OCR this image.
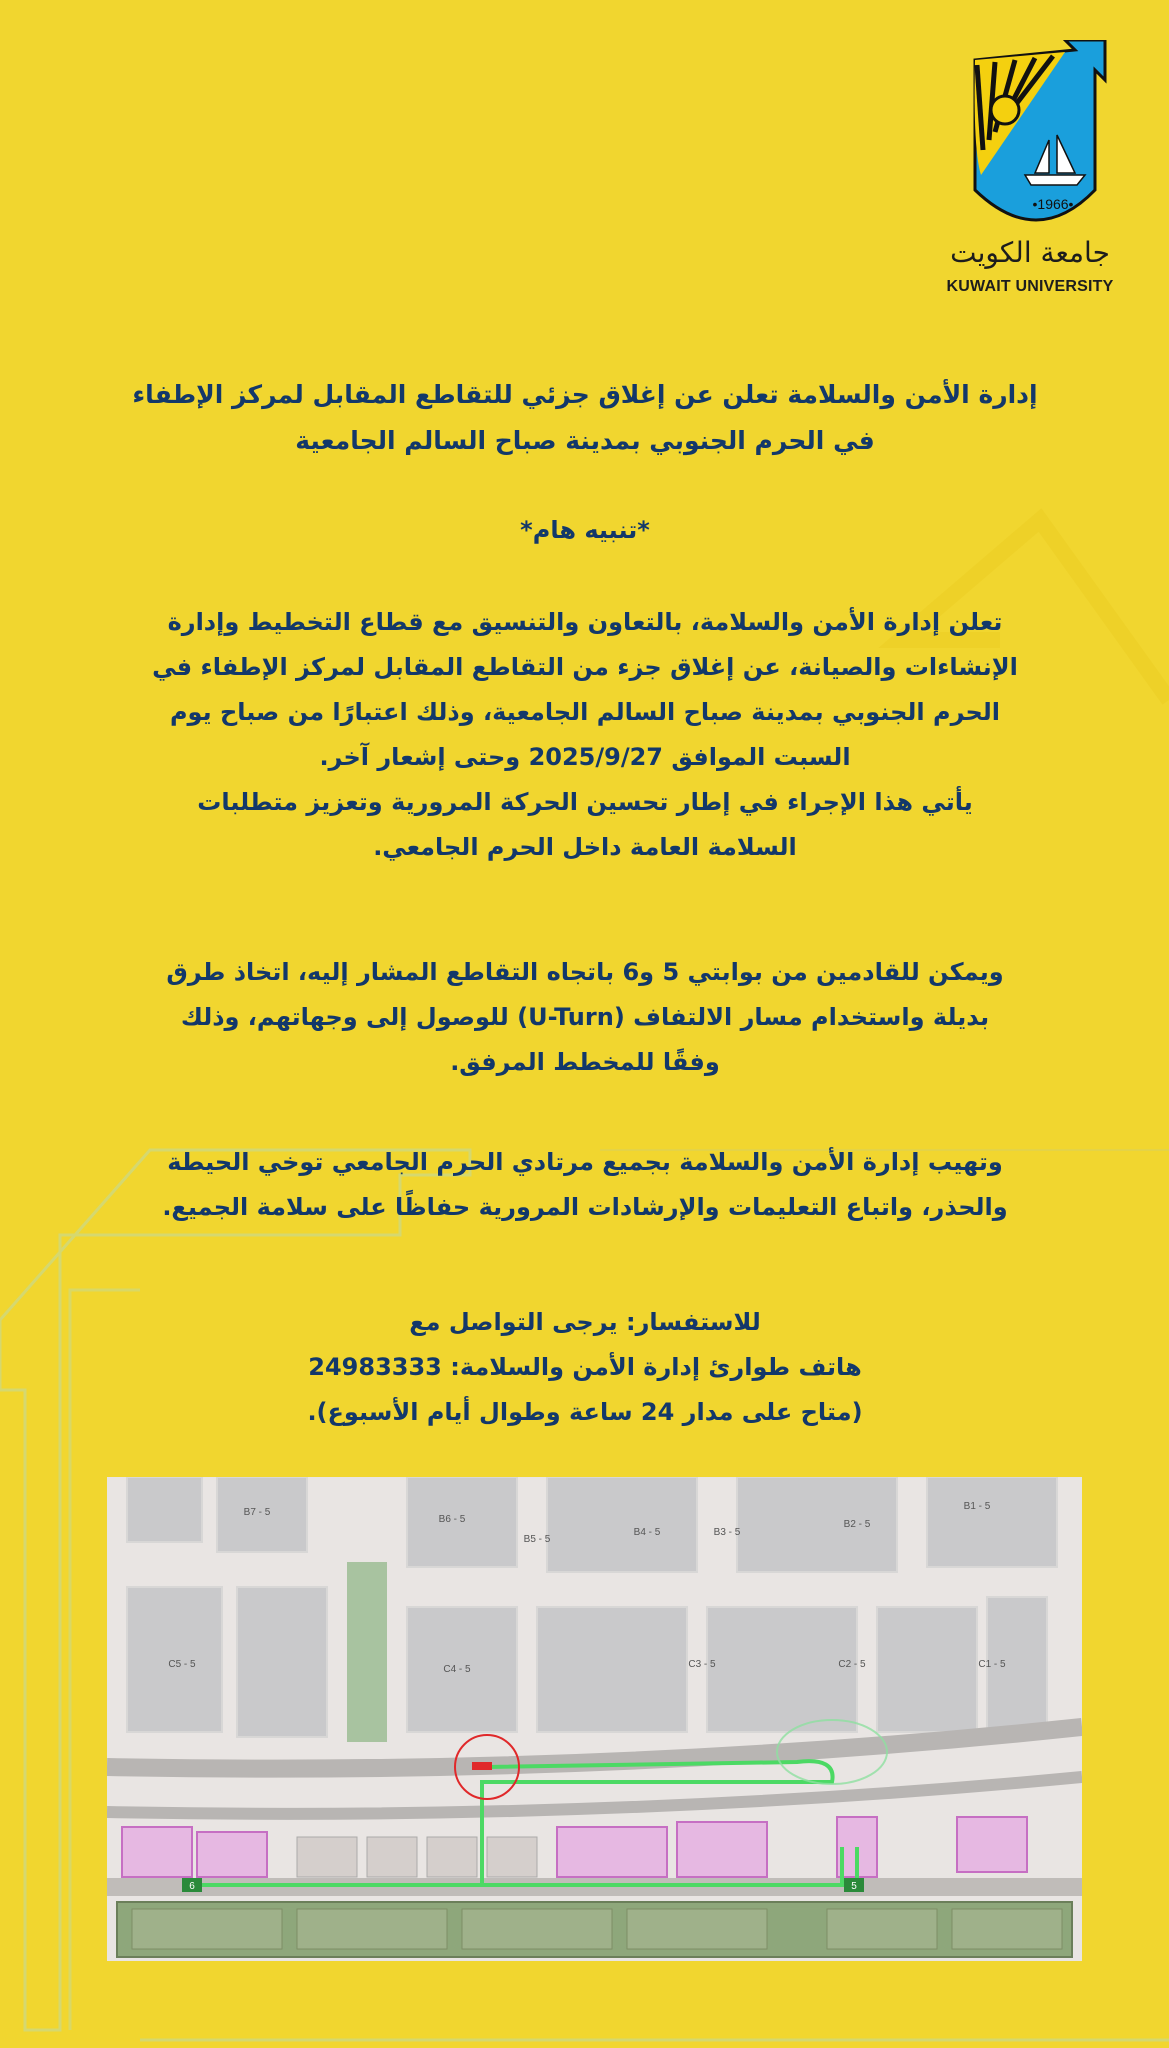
جامعة الكويت
KUWAIT UNIVERSITY
•1966•
إدارة الأمن والسلامة تعلن عن إغلاق جزئي للتقاطع المقابل لمركز الإطفاء
في الحرم الجنوبي بمدينة صباح السالم الجامعية
*تنبيه هام*
تعلن إدارة الأمن والسلامة، بالتعاون والتنسيق مع قطاع التخطيط وإدارة
الإنشاءات والصيانة، عن إغلاق جزء من التقاطع المقابل لمركز الإطفاء في
الحرم الجنوبي بمدينة صباح السالم الجامعية، وذلك اعتبارًا من صباح يوم
السبت الموافق 2025/9/27 وحتى إشعار آخر.
يأتي هذا الإجراء في إطار تحسين الحركة المرورية وتعزيز متطلبات
السلامة العامة داخل الحرم الجامعي.
ويمكن للقادمين من بوابتي 5 و6 باتجاه التقاطع المشار إليه، اتخاذ طرق
بديلة واستخدام مسار الالتفاف (U-Turn) للوصول إلى وجهاتهم، وذلك
وفقًا للمخطط المرفق.
وتهيب إدارة الأمن والسلامة بجميع مرتادي الحرم الجامعي توخي الحيطة
والحذر، واتباع التعليمات والإرشادات المرورية حفاظًا على سلامة الجميع.
للاستفسار: يرجى التواصل مع
هاتف طوارئ إدارة الأمن والسلامة: 24983333
(متاح على مدار 24 ساعة وطوال أيام الأسبوع).
B7 - 5
B6 - 5
B5 - 5
B4 - 5	B3 - 5
B2 - 5
B1 - 5
C5 - 5	C4 - 5	C3 - 5	C2 - 5	C1 - 5
6	5
